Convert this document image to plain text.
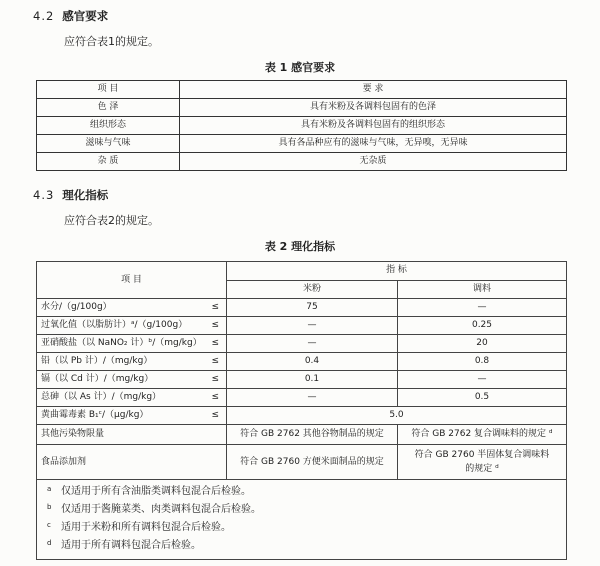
4.2 感官要求
应符合表1的规定。
表 1 感官要求
项 目	要 求
色 泽	具有米粉及各调料包固有的色泽
组织形态	具有米粉及各调料包固有的组织形态
滋味与气味	具有各品种应有的滋味与气味，无异嗅，无异味
杂 质	无杂质
4.3 理化指标
应符合表2的规定。
表 2 理化指标
项 目	指 标	
	米粉	调料
水分/（g/100g） ≤	75	—
过氧化值（以脂肪计）ᵃ/（g/100g） ≤	—	0.25
亚硝酸盐（以 NaNO₂ 计）ᵇ/（mg/kg） ≤	—	20
铅（以 Pb 计）/（mg/kg） ≤	0.4	0.8
镉（以 Cd 计）/（mg/kg） ≤	0.1	—
总砷（以 As 计）/（mg/kg） ≤	—	0.5
黄曲霉毒素 B₁ᶜ/（μg/kg） ≤	5.0	
其他污染物限量	符合 GB 2762 其他谷物制品的规定	符合 GB 2762 复合调味料的规定 ᵈ
食品添加剂	符合 GB 2760 方便米面制品的规定	符合 GB 2760 半固体复合调味料
的规定 ᵈ

a 仅适用于所有含油脂类调料包混合后检验。
b 仅适用于酱腌菜类、肉类调料包混合后检验。
c 适用于米粉和所有调料包混合后检验。
d 适用于所有调料包混合后检验。		
